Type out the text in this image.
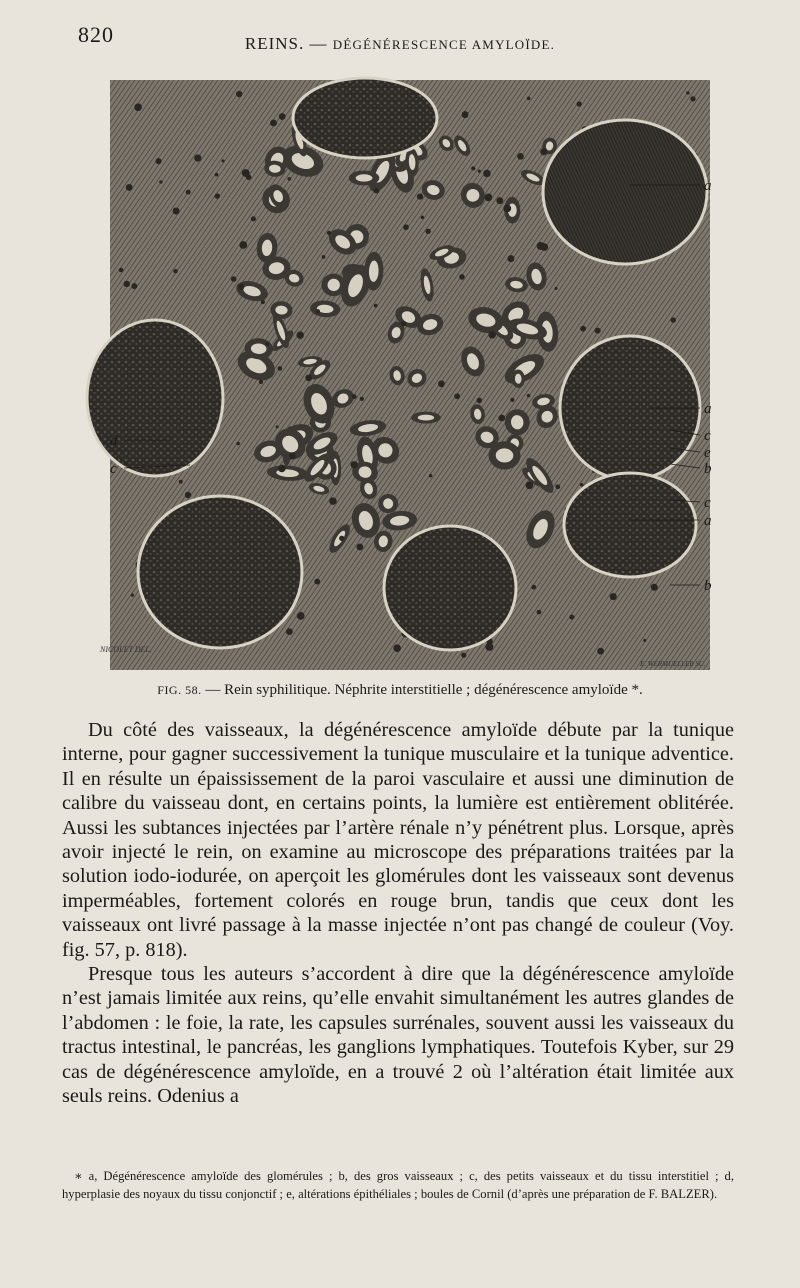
820	REINS. — DÉGÉNÉRESCENCE AMYLOÏDE.
a
a
c
e
b
c
a
b
d
c
NICOLET DEL.
E. WERMUELLER SC.
FIG. 58. — Rein syphilitique. Néphrite interstitielle ; dégénérescence amyloïde *.

Du côté des vaisseaux, la dégénérescence amyloïde débute par la tunique interne, pour gagner successivement la tunique musculaire et la tunique adventice. Il en résulte un épaississement de la paroi vasculaire et aussi une diminution de calibre du vaisseau dont, en certains points, la lumière est entièrement oblitérée. Aussi les subtances injectées par l’artère rénale n’y pénétrent plus. Lorsque, après avoir injecté le rein, on examine au microscope des préparations traitées par la solution iodo-iodurée, on aperçoit les glomérules dont les vaisseaux sont devenus imperméables, fortement colorés en rouge brun, tandis que ceux dont les vaisseaux ont livré passage à la masse injectée n’ont pas changé de couleur (Voy. fig. 57, p. 818).

Presque tous les auteurs s’accordent à dire que la dégénérescence amyloïde n’est jamais limitée aux reins, qu’elle envahit simultanément les autres glandes de l’abdomen : le foie, la rate, les capsules surrénales, souvent aussi les vaisseaux du tractus intestinal, le pancréas, les ganglions lymphatiques. Toutefois Kyber, sur 29 cas de dégénérescence amyloïde, en a trouvé 2 où l’altération était limitée aux seuls reins. Odenius a

∗ a, Dégénérescence amyloïde des glomérules ; b, des gros vaisseaux ; c, des petits vaisseaux et du tissu interstitiel ; d, hyperplasie des noyaux du tissu conjonctif ; e, altérations épithéliales ; boules de Cornil (d’après une préparation de F. BALZER).
